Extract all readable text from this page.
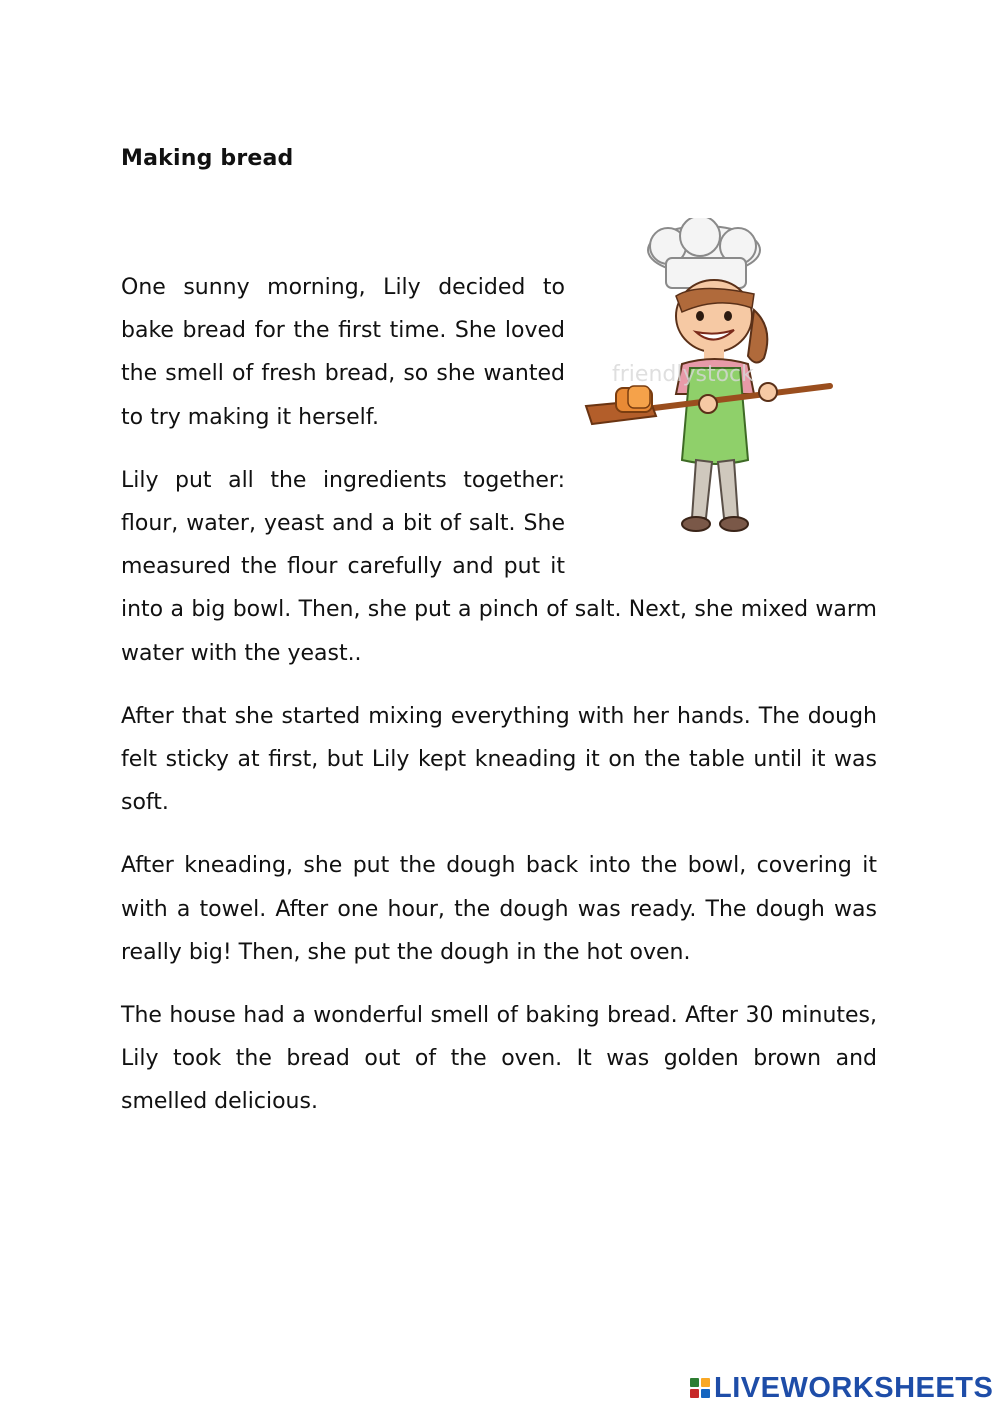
Making bread

One sunny morning, Lily decided to bake bread for the first time. She loved the smell of fresh bread, so she wanted to try making it herself.

Lily put all the ingredients together: flour, water, yeast and a bit of salt. She measured the flour carefully and put it into a big bowl. Then, she put a pinch of salt. Next, she mixed warm water with the yeast..

After that she started mixing everything with her hands. The dough felt sticky at first, but Lily kept kneading it on the table until it was soft.

After kneading, she put the dough back into the bowl, covering it with a towel. After one hour, the dough was ready. The dough was really big! Then, she put the dough in the hot oven.

The house had a wonderful smell of baking bread. After 30 minutes, Lily took the bread out of the oven. It was golden brown and smelled delicious.

friendlystock
LIVEWORKSHEETS
